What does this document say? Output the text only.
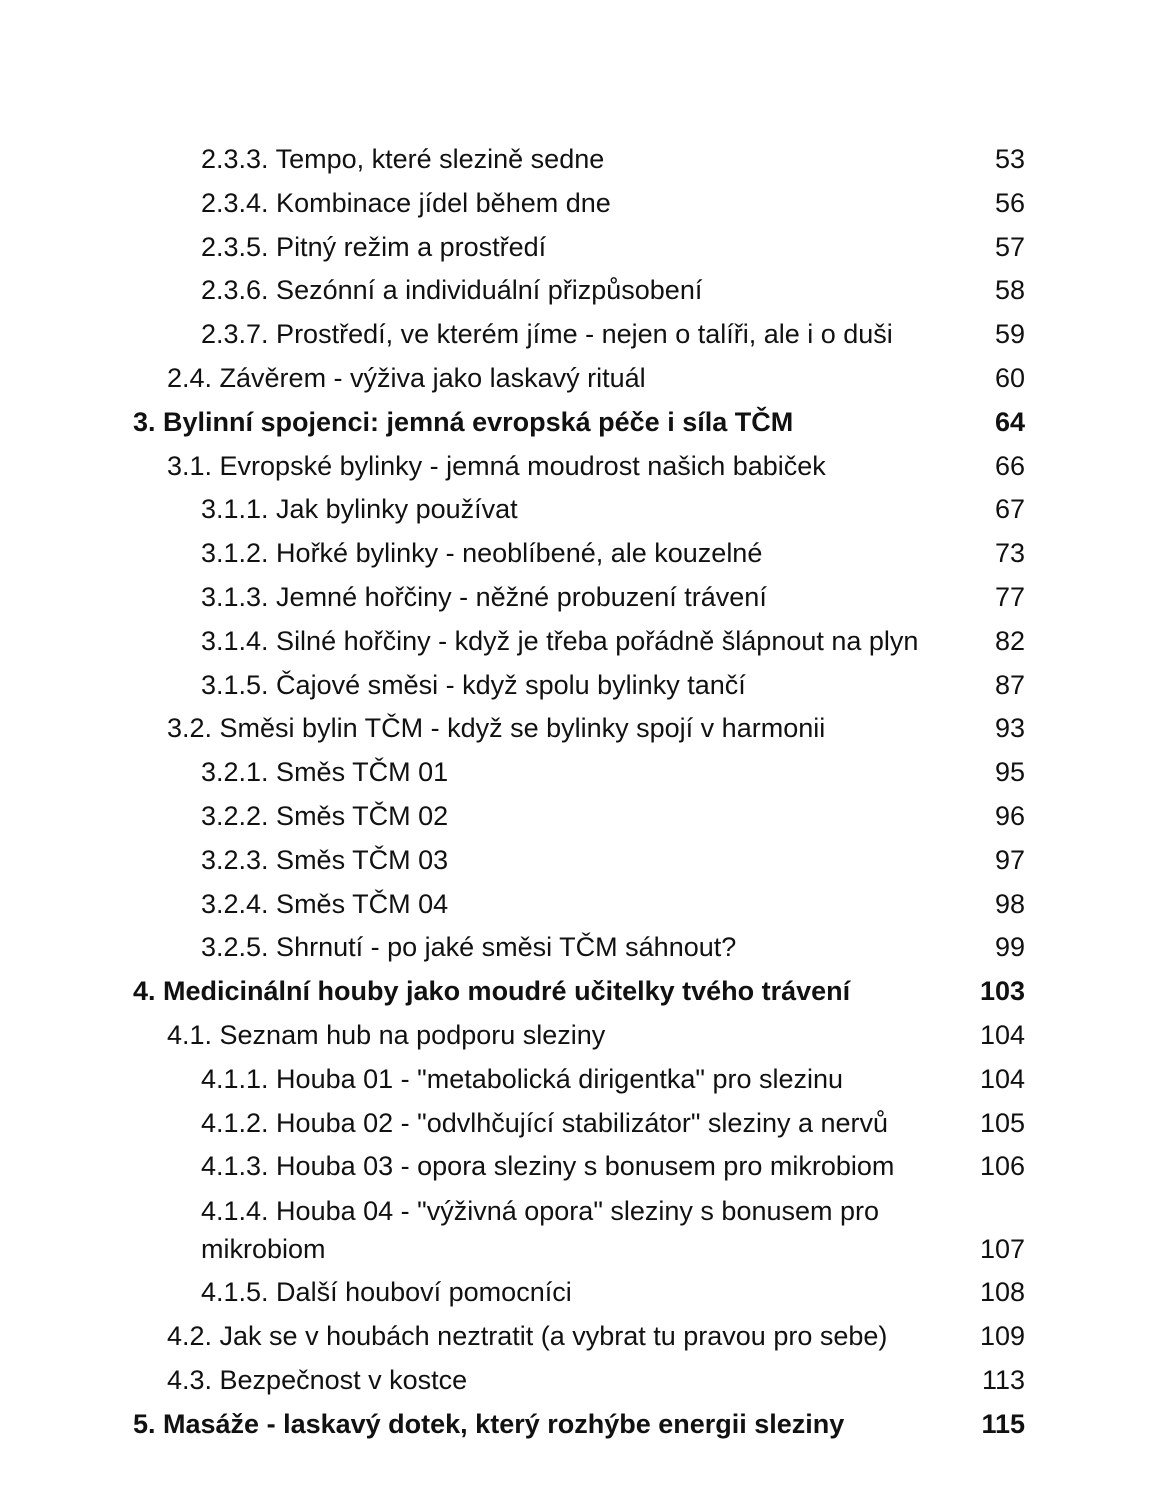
2.3.3. Tempo, které slezině sedne	53
2.3.4. Kombinace jídel během dne	56
2.3.5. Pitný režim a prostředí	57
2.3.6. Sezónní a individuální přizpůsobení	58
2.3.7. Prostředí, ve kterém jíme - nejen o talíři, ale i o duši	59
2.4. Závěrem - výživa jako laskavý rituál	60
3. Bylinní spojenci: jemná evropská péče i síla TČM	64
3.1. Evropské bylinky - jemná moudrost našich babiček	66
3.1.1. Jak bylinky používat	67
3.1.2. Hořké bylinky - neoblíbené, ale kouzelné	73
3.1.3. Jemné hořčiny - něžné probuzení trávení	77
3.1.4. Silné hořčiny - když je třeba pořádně šlápnout na plyn	82
3.1.5. Čajové směsi - když spolu bylinky tančí	87
3.2. Směsi bylin TČM - když se bylinky spojí v harmonii	93
3.2.1. Směs TČM 01	95
3.2.2. Směs TČM 02	96
3.2.3. Směs TČM 03	97
3.2.4. Směs TČM 04	98
3.2.5. Shrnutí - po jaké směsi TČM sáhnout?	99
4. Medicinální houby jako moudré učitelky tvého trávení	103
4.1. Seznam hub na podporu sleziny	104
4.1.1. Houba 01 - "metabolická dirigentka" pro slezinu	104
4.1.2. Houba 02 - "odvlhčující stabilizátor" sleziny a nervů	105
4.1.3. Houba 03 - opora sleziny s bonusem pro mikrobiom	106
4.1.4. Houba 04 - "výživná opora" sleziny s bonusem pro mikrobiom	107
4.1.5. Další houboví pomocníci	108
4.2. Jak se v houbách neztratit (a vybrat tu pravou pro sebe)	109
4.3. Bezpečnost v kostce	113
5. Masáže - laskavý dotek, který rozhýbe energii sleziny	115
